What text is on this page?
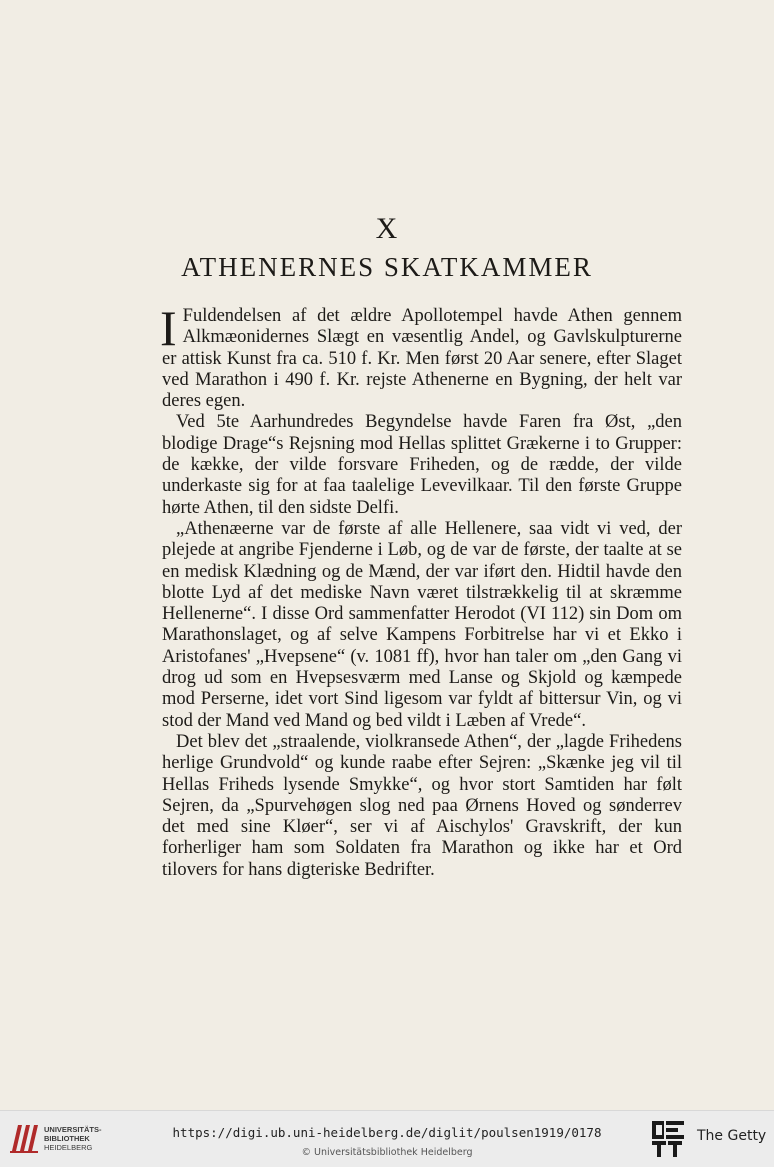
X
ATHENERNES SKATKAMMER

I Fuldendelsen af det ældre Apollotempel havde Athen gennem Alkmæonidernes Slægt en væsentlig Andel, og Gavlskulpturerne er attisk Kunst fra ca. 510 f. Kr. Men først 20 Aar senere, efter Slaget ved Marathon i 490 f. Kr. rejste Athenerne en Bygning, der helt var deres egen.

Ved 5te Aarhundredes Begyndelse havde Faren fra Øst, „den blodige Drage“s Rejsning mod Hellas splittet Grækerne i to Grupper: de kække, der vilde forsvare Friheden, og de rædde, der vilde underkaste sig for at faa taalelige Levevilkaar. Til den første Gruppe hørte Athen, til den sidste Delfi.

„Athenæerne var de første af alle Hellenere, saa vidt vi ved, der plejede at angribe Fjenderne i Løb, og de var de første, der taalte at se en medisk Klædning og de Mænd, der var iført den. Hidtil havde den blotte Lyd af det mediske Navn været tilstrækkelig til at skræmme Hellenerne“. I disse Ord sammenfatter Herodot (VI 112) sin Dom om Marathonslaget, og af selve Kampens Forbitrelse har vi et Ekko i Aristofanes' „Hvepsene“ (v. 1081 ff), hvor han taler om „den Gang vi drog ud som en Hvepsesværm med Lanse og Skjold og kæmpede mod Perserne, idet vort Sind ligesom var fyldt af bittersur Vin, og vi stod der Mand ved Mand og bed vildt i Læben af Vrede“.

Det blev det „straalende, violkransede Athen“, der „lagde Frihedens herlige Grundvold“ og kunde raabe efter Sejren: „Skænke jeg vil til Hellas Friheds lysende Smykke“, og hvor stort Samtiden har følt Sejren, da „Spurvehøgen slog ned paa Ørnens Hoved og sønderrev det med sine Kløer“, ser vi af Aischylos' Gravskrift, der kun forherliger ham som Soldaten fra Marathon og ikke har et Ord tilovers for hans digteriske Bedrifter.

UNIVERSITÄTS-
BIBLIOTHEK
HEIDELBERG
https://digi.ub.uni-heidelberg.de/diglit/poulsen1919/0178
© Universitätsbibliothek Heidelberg
The Getty
